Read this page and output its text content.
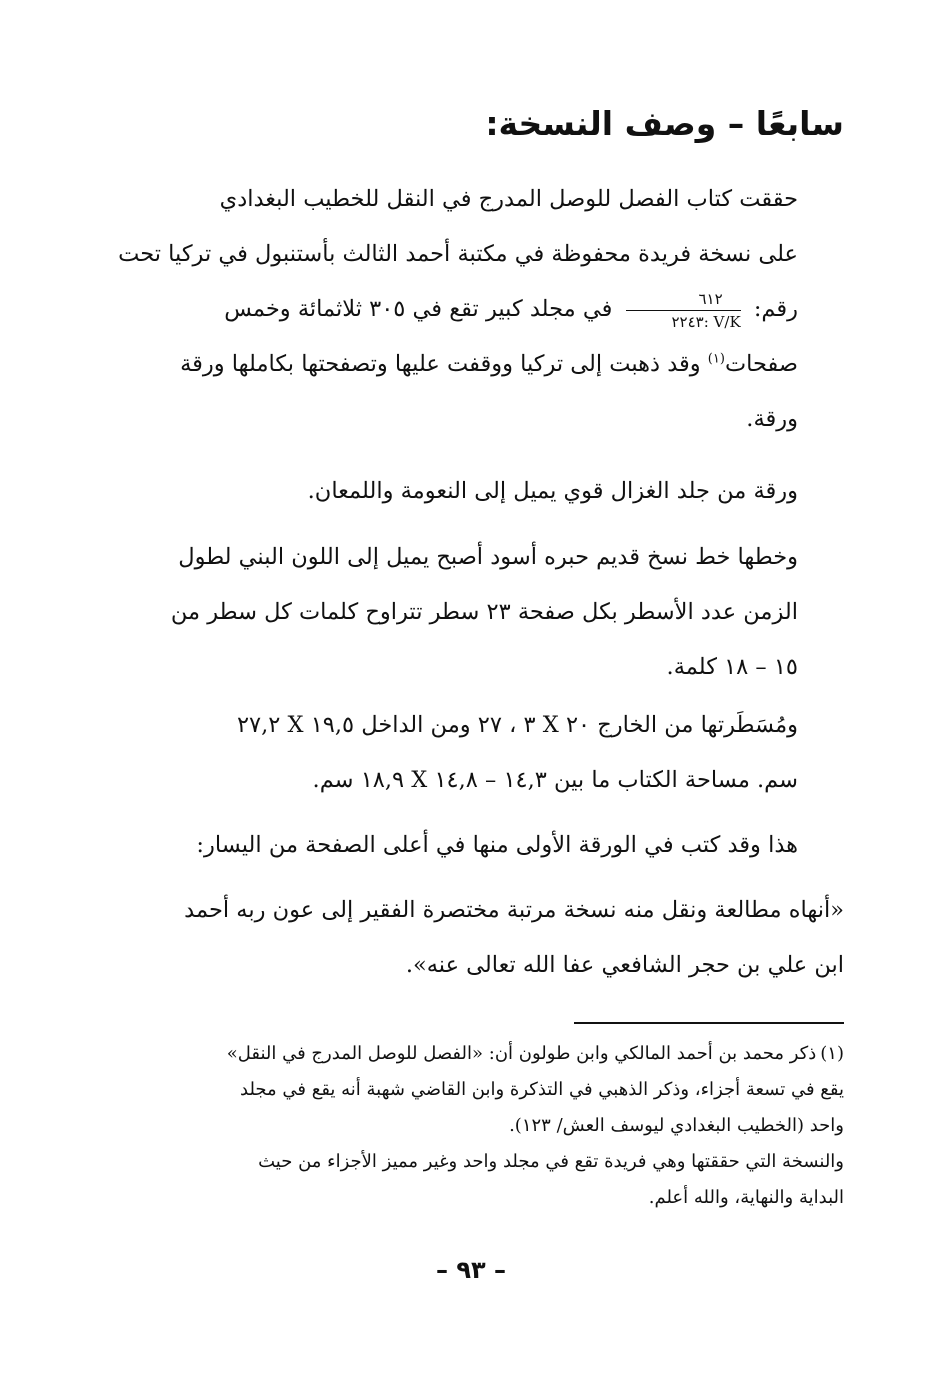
سابعًا – وصف النسخة:

حققت كتاب الفصل للوصل المدرج في النقل للخطيب البغدادي
على نسخة فريدة محفوظة في مكتبة أحمد الثالث بأستنبول في تركيا تحت
رقم:
$\frac{٦١٢}{٢٢٤٣: V/K}$
في مجلد كبير تقع في ٣٠٥ ثلاثمائة وخمس
صفحات$^{(١)}$ وقد ذهبت إلى تركيا ووقفت عليها وتصفحتها بكاملها ورقة
ورقة.

ورقة من جلد الغزال قوي يميل إلى النعومة واللمعان.

وخطها خط نسخ قديم حبره أسود أصبح يميل إلى اللون البني لطول
الزمن عدد الأسطر بكل صفحة ٢٣ سطر تتراوح كلمات كل سطر من
١٥ – ١٨ كلمة.

ومُسَطَرتها من الخارج ٢٠ X ٣ ، ٢٧ ومن الداخل ١٩,٥ X ٢٧,٢
سم. مساحة الكتاب ما بين ١٤,٣ – ١٤,٨ X ١٨,٩ سم.

هذا وقد كتب في الورقة الأولى منها في أعلى الصفحة من اليسار:

«أنهاه مطالعة ونقل منه نسخة مرتبة مختصرة الفقير إلى عون ربه أحمد
ابن علي بن حجر الشافعي عفا الله تعالى عنه».

(١)ذكر محمد بن أحمد المالكي وابن طولون أن: «الفصل للوصل المدرج في النقل»
يقع في تسعة أجزاء، وذكر الذهبي في التذكرة وابن القاضي شهبة أنه يقع في مجلد
واحد (الخطيب البغدادي ليوسف العش/ ١٢٣).
والنسخة التي حققتها وهي فريدة تقع في مجلد واحد وغير مميز الأجزاء من حيث
البداية والنهاية، والله أعلم.
– ٩٣ –
